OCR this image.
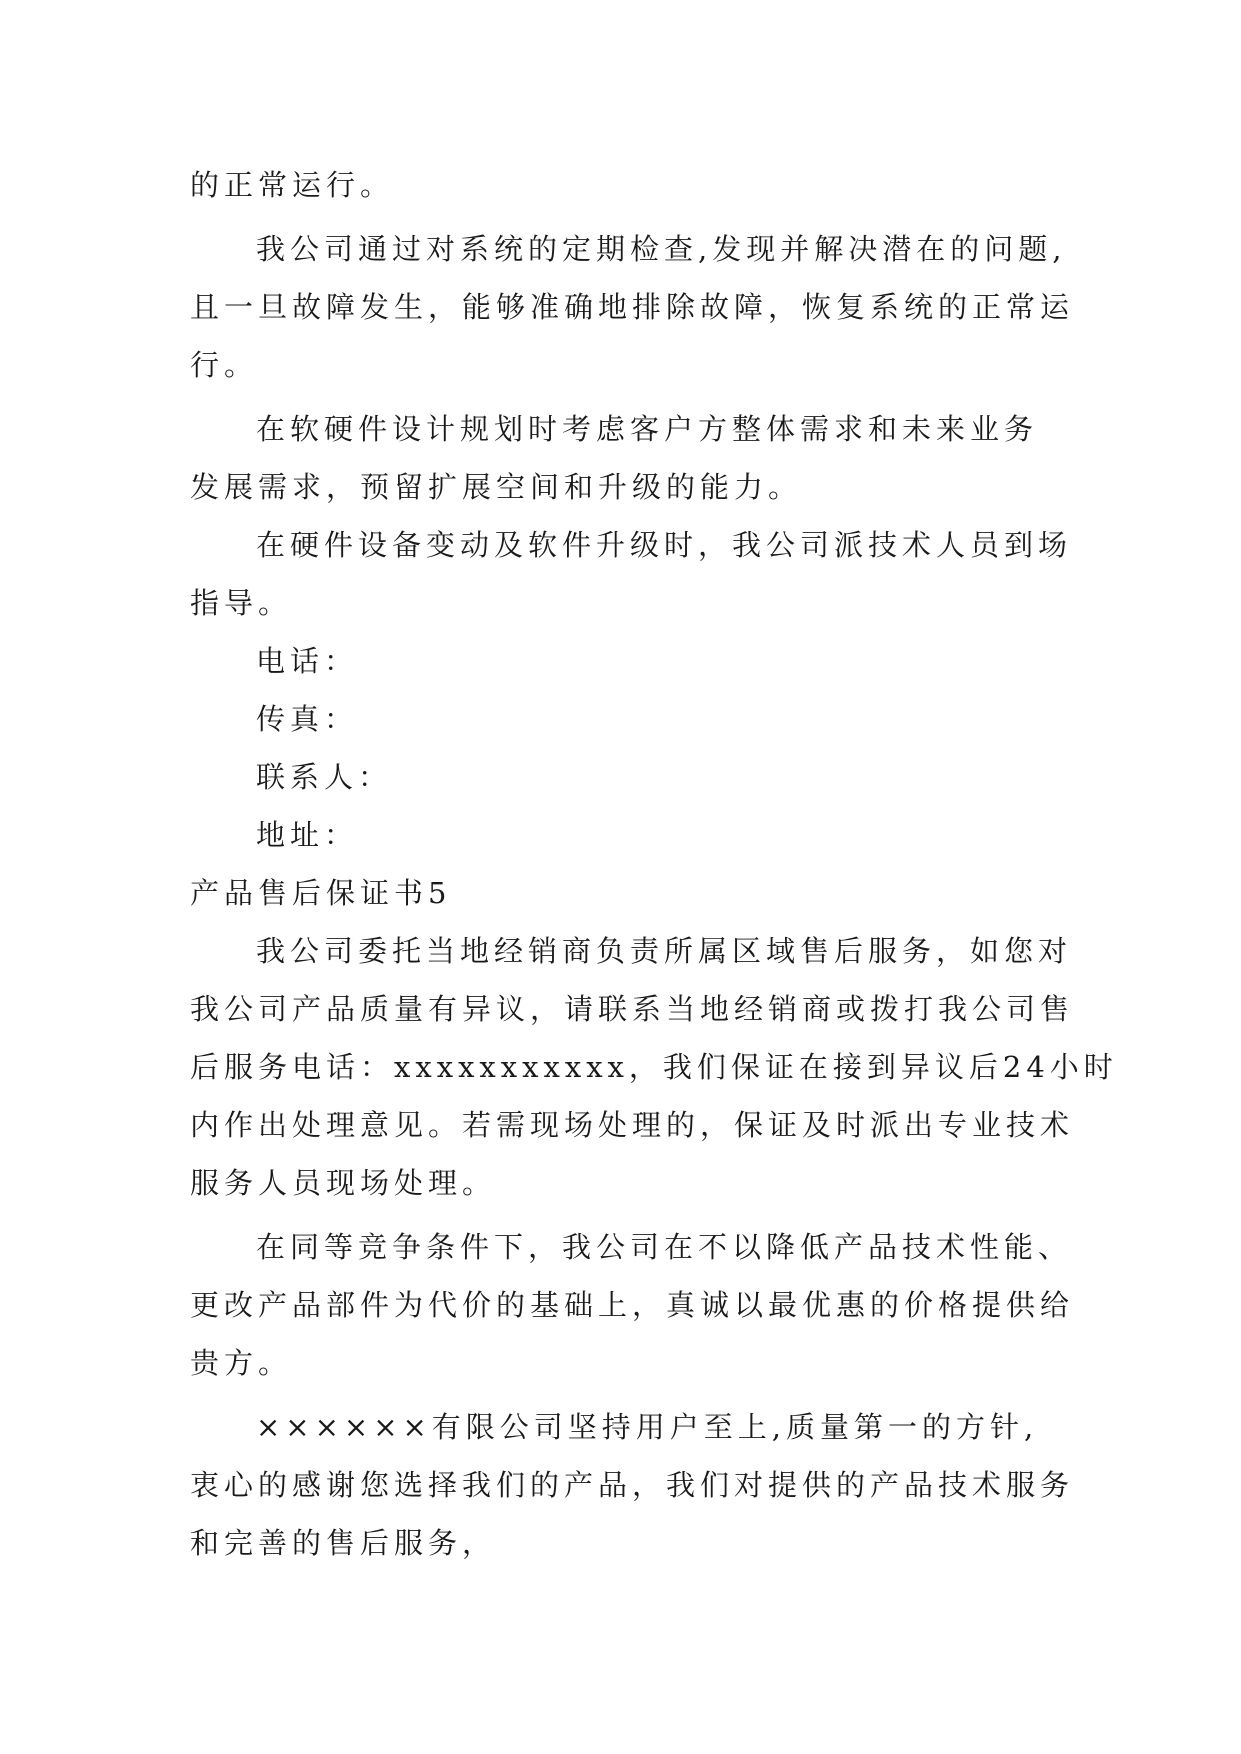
的正常运行。
我公司通过对系统的定期检查,发现并解决潜在的问题,
且一旦故障发生，能够准确地排除故障，恢复系统的正常运
行。
在软硬件设计规划时考虑客户方整体需求和未来业务
发展需求，预留扩展空间和升级的能力。
在硬件设备变动及软件升级时，我公司派技术人员到场
指导。
电话：
传真：
联系人：
地址：
产品售后保证书5
我公司委托当地经销商负责所属区域售后服务，如您对
我公司产品质量有异议，请联系当地经销商或拨打我公司售
后服务电话：xxxxxxxxxxx，我们保证在接到异议后24小时
内作出处理意见。若需现场处理的，保证及时派出专业技术
服务人员现场处理。
在同等竞争条件下，我公司在不以降低产品技术性能、
更改产品部件为代价的基础上，真诚以最优惠的价格提供给
贵方。
××××××有限公司坚持用户至上,质量第一的方针,
衷心的感谢您选择我们的产品，我们对提供的产品技术服务
和完善的售后服务，
